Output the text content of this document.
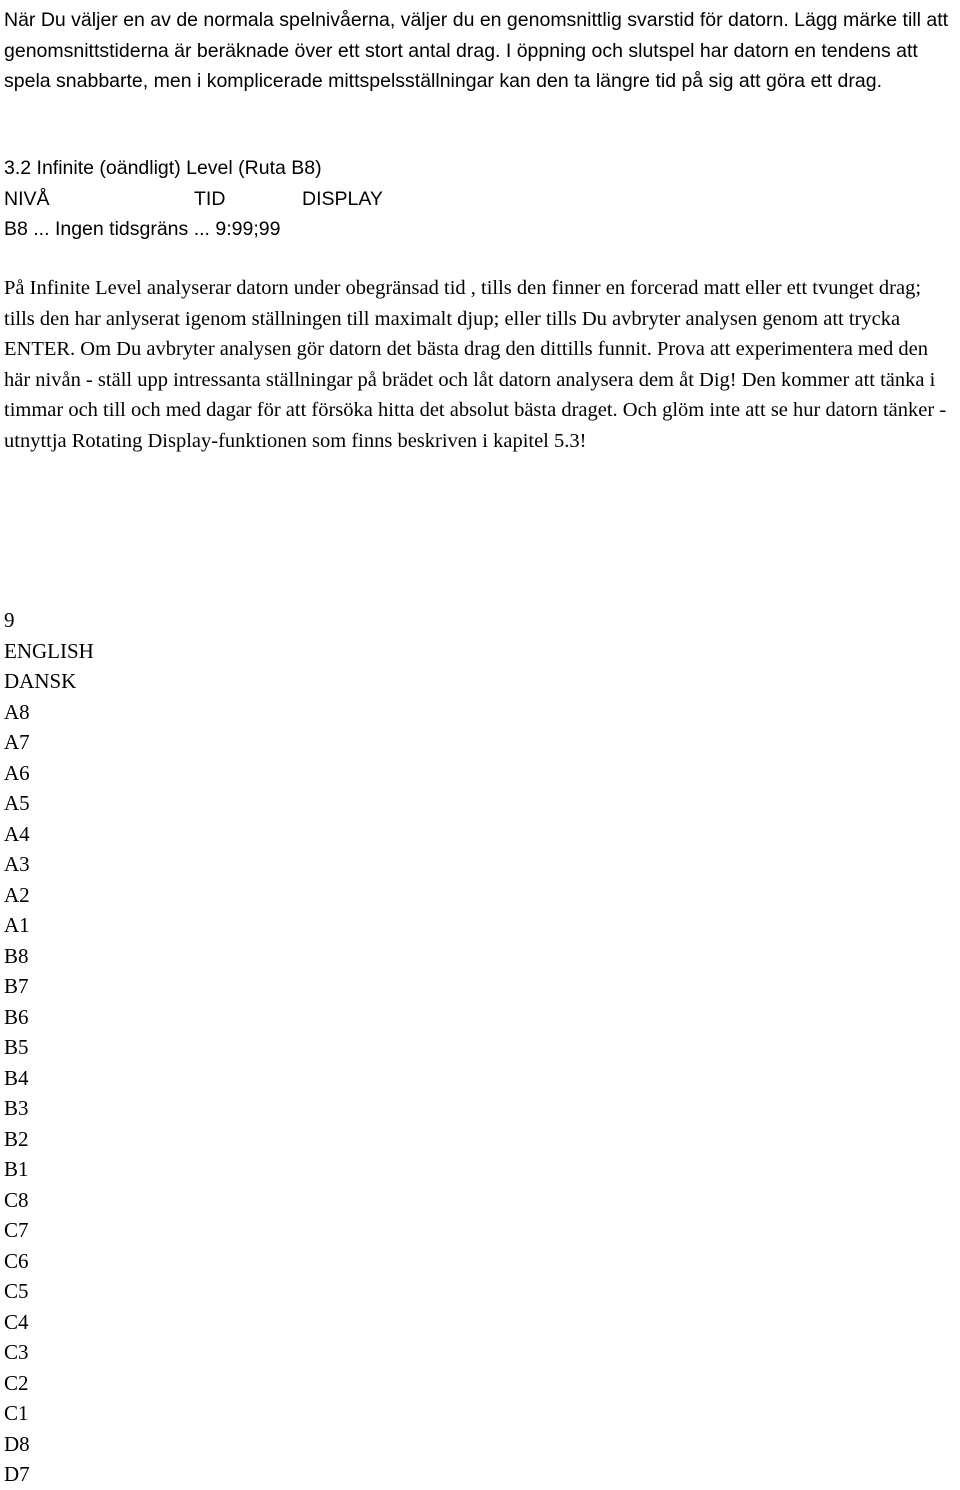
När Du väljer en av de normala spelnivåerna, väljer du en genomsnittlig svarstid för datorn. Lägg märke till att genomsnittstiderna är beräknade över ett stort antal drag. I öppning och slutspel har datorn en tendens att spela snabbarte, men i komplicerade mittspelsställningar kan den ta längre tid på sig att göra ett drag.

3.2 Infinite (oändligt) Level (Ruta B8)
NIVÅ	TID	DISPLAY
B8 ... Ingen tidsgräns ... 9:99;99

På Infinite Level analyserar datorn under obegränsad tid , tills den finner en forcerad matt eller ett tvunget drag; tills den har anlyserat igenom ställningen till maximalt djup; eller tills Du avbryter analysen genom att trycka ENTER. Om Du avbryter analysen gör datorn det bästa drag den dittills funnit. Prova att experimentera med den här nivån - ställ upp intressanta ställningar på brädet och låt datorn analysera dem åt Dig! Den kommer att tänka i timmar och till och med dagar för att försöka hitta det absolut bästa draget. Och glöm inte att se hur datorn tänker - utnyttja Rotating Display-funktionen som finns beskriven i kapitel 5.3!

9
ENGLISH
DANSK
A8
A7
A6
A5
A4
A3
A2
A1
B8
B7
B6
B5
B4
B3
B2
B1
C8
C7
C6
C5
C4
C3
C2
C1
D8
D7
